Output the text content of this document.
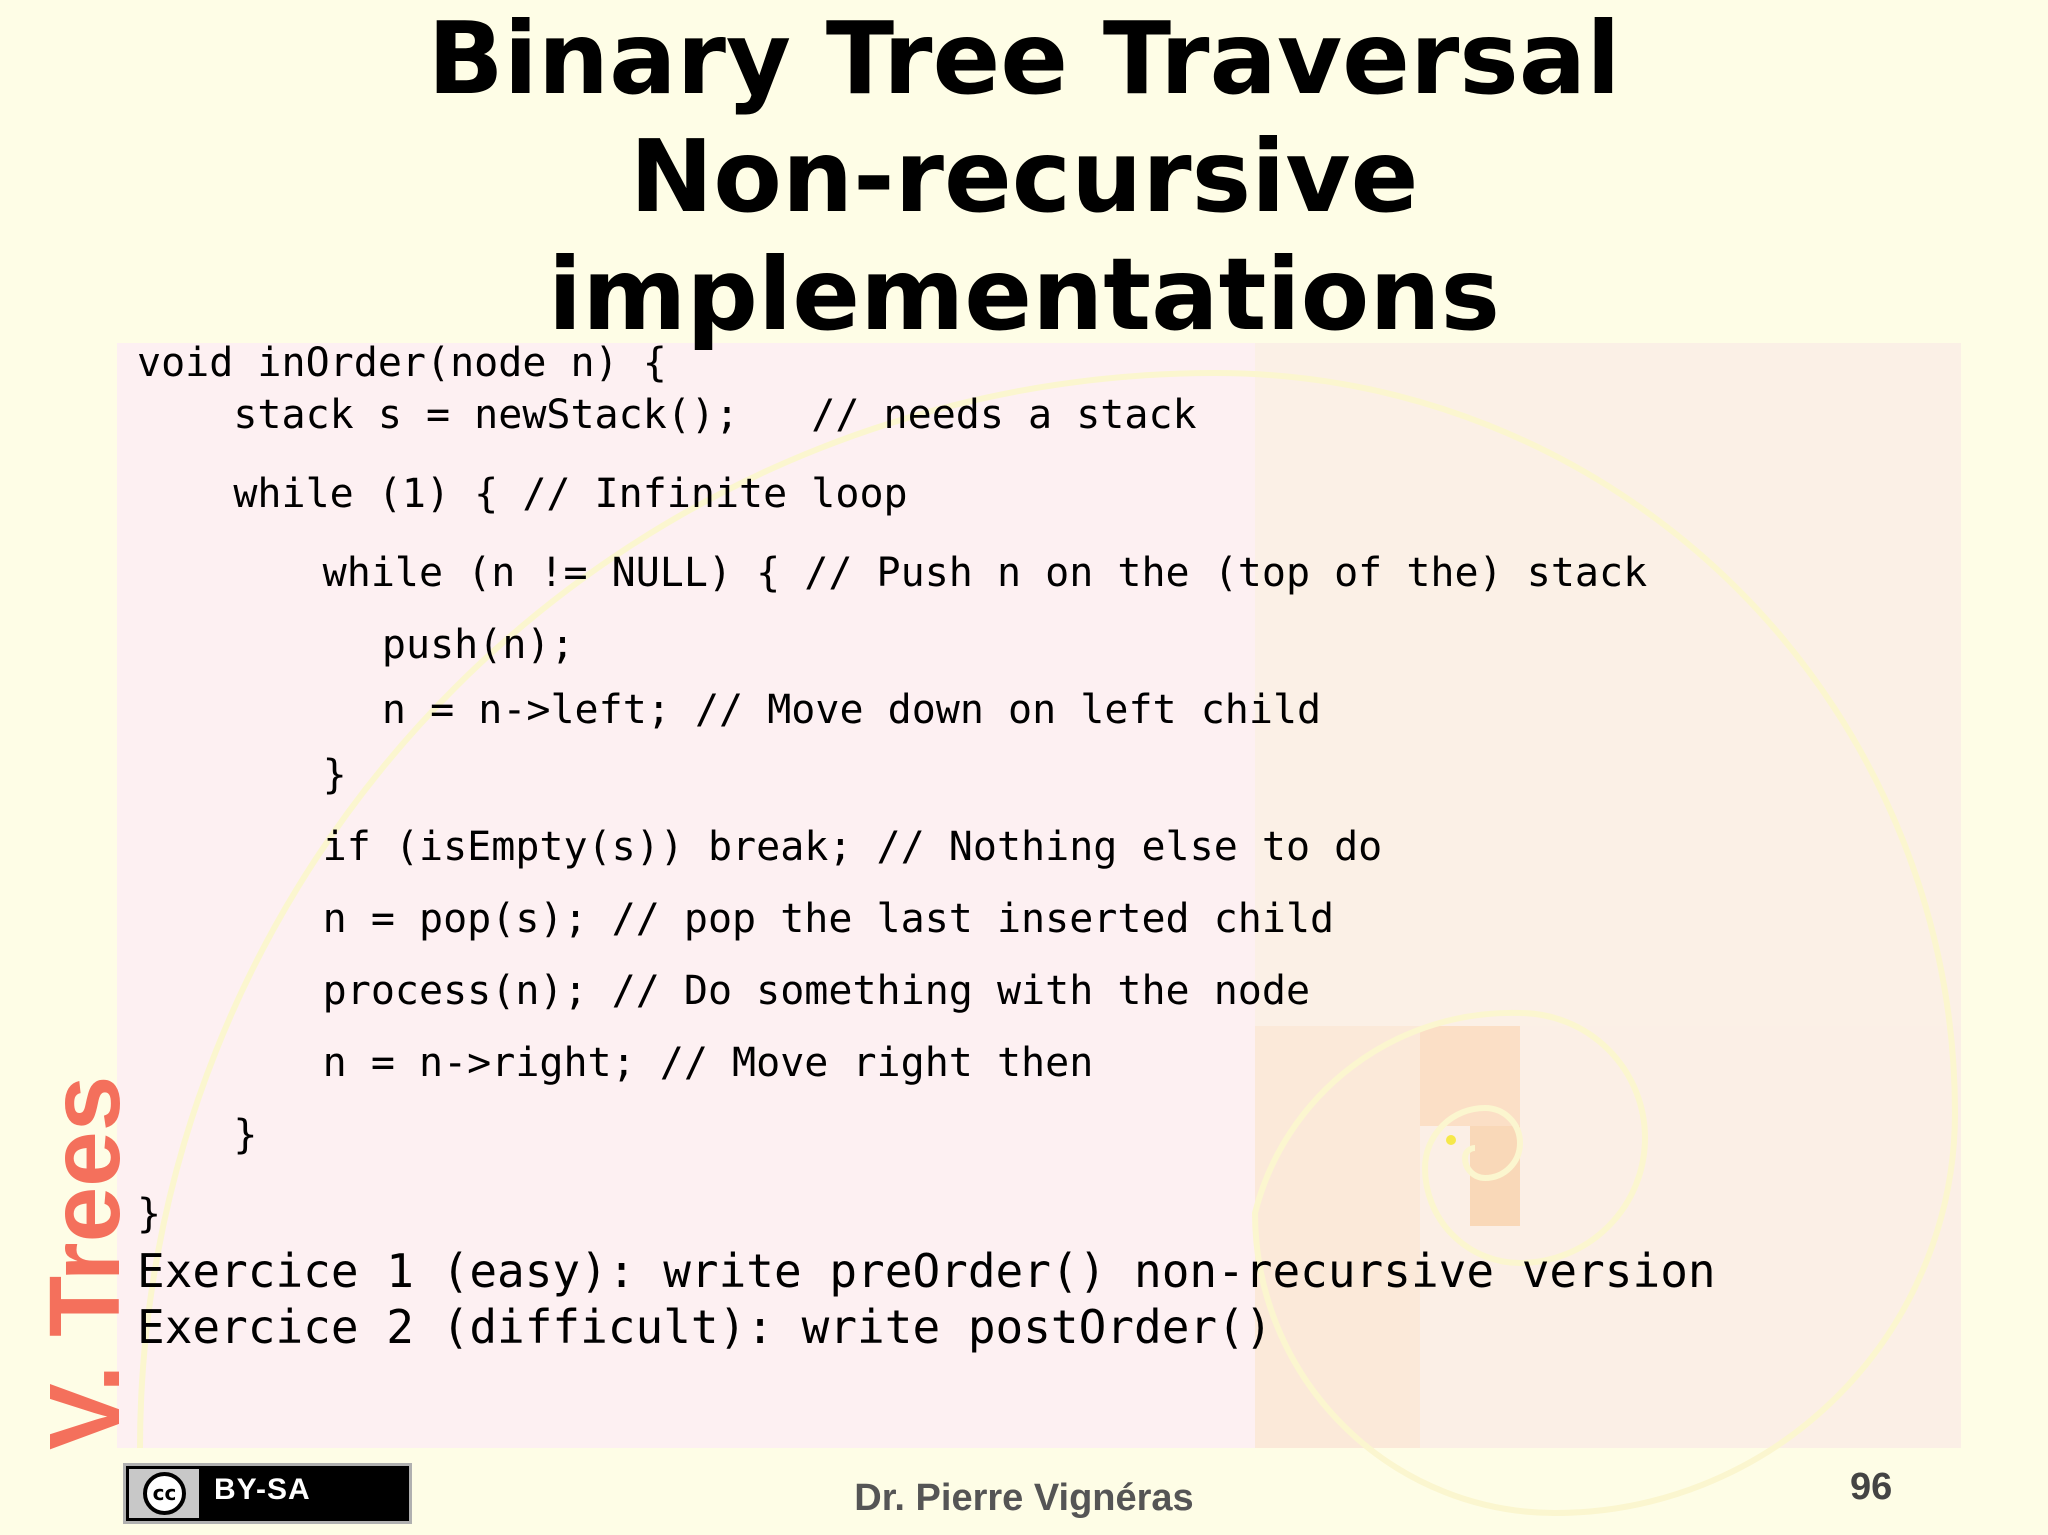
Binary Tree Traversal
Non-recursive
implementations
void inOrder(node n) {
stack s = newStack();   // needs a stack
while (1) { // Infinite loop
while (n != NULL) { // Push n on the (top of the) stack
push(n);
n = n->left; // Move down on left child
}
if (isEmpty(s)) break; // Nothing else to do
n = pop(s); // pop the last inserted child
process(n); // Do something with the node
n = n->right; // Move right then
}
}
Exercice 1 (easy): write preOrder() non-recursive version
Exercice 2 (difficult): write postOrder()
V. Trees
cc	BY-SA	Dr. Pierre Vignéras	96
